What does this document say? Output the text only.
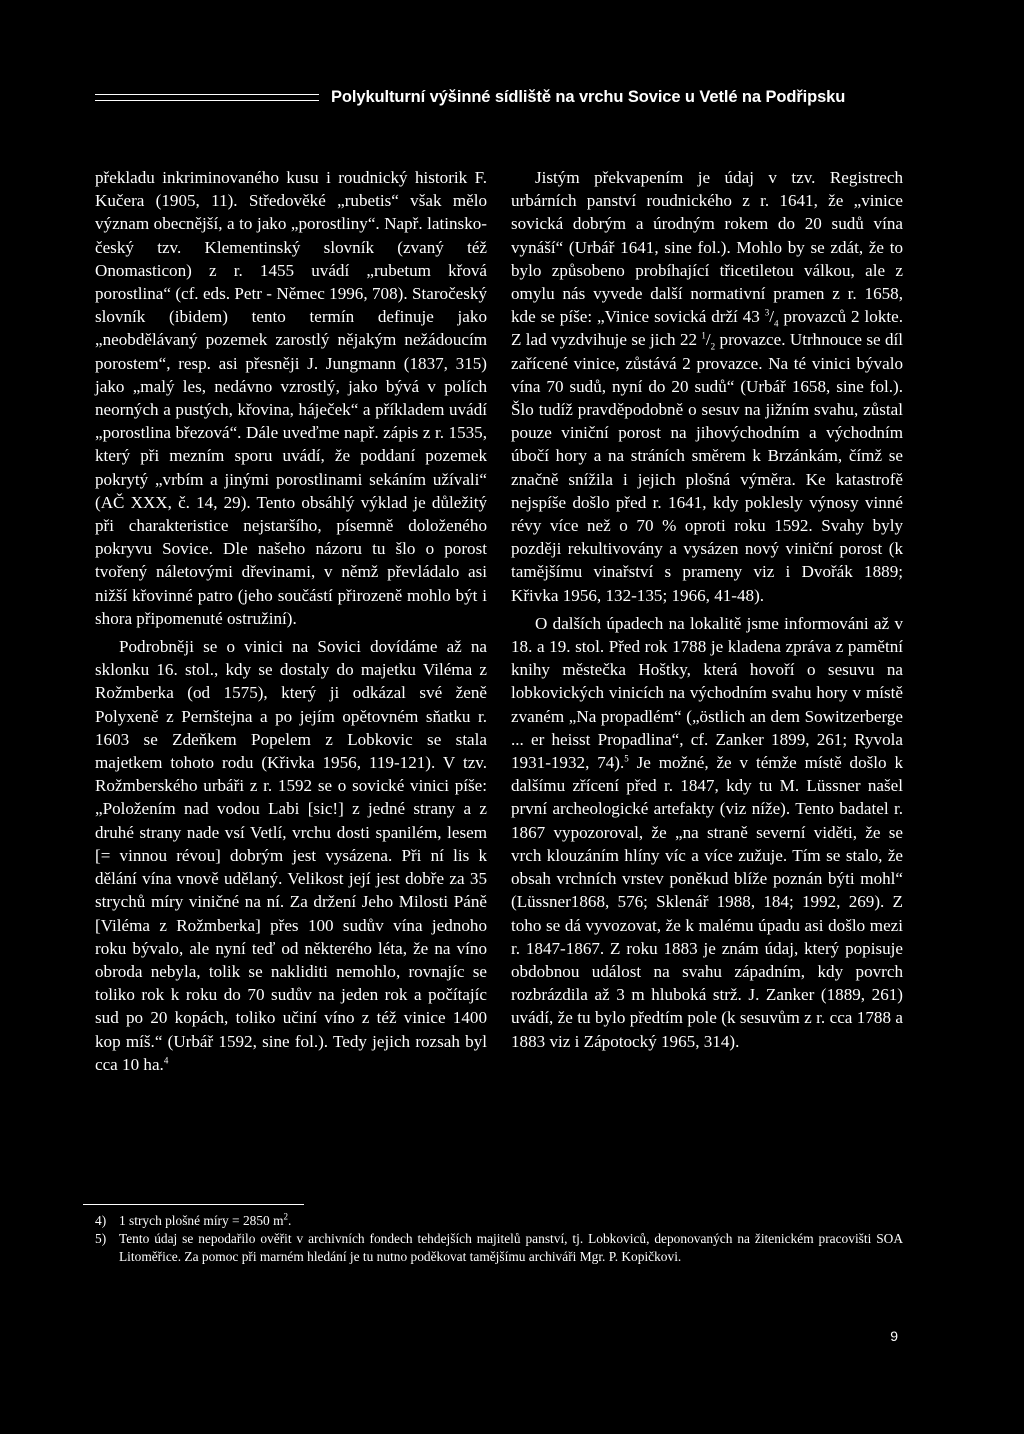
Polykulturní výšinné sídliště na vrchu Sovice u Vetlé na Podřipsku

překladu inkriminovaného kusu i roudnický historik F. Kučera (1905, 11). Středověké „rubetis“ však mělo význam obecnější, a to jako „porostliny“. Např. latinsko-český tzv. Klementinský slovník (zvaný též Onomasticon) z r. 1455 uvádí „rubetum křová porostlina“ (cf. eds. Petr - Němec 1996, 708). Staročeský slovník (ibidem) tento termín definuje jako „neobdělávaný pozemek zarostlý nějakým nežádoucím porostem“, resp. asi přesněji J. Jungmann (1837, 315) jako „malý les, nedávno vzrostlý, jako bývá v polích neorných a pustých, křovina, háječek“ a příkladem uvádí „porostlina březová“. Dále uveďme např. zápis z r. 1535, který při mezním sporu uvádí, že poddaní pozemek pokrytý „vrbím a jinými porostlinami sekáním užívali“ (AČ XXX, č. 14, 29). Tento obsáhlý výklad je důležitý při charakteristice nejstaršího, písemně doloženého pokryvu Sovice. Dle našeho názoru tu šlo o porost tvořený náletovými dřevinami, v němž převládalo asi nižší křovinné patro (jeho součástí přirozeně mohlo být i shora připomenuté ostružiní).

Podrobněji se o vinici na Sovici dovídáme až na sklonku 16. stol., kdy se dostaly do majetku Viléma z Rožmberka (od 1575), který ji odkázal své ženě Polyxeně z Pernštejna a po jejím opětovném sňatku r. 1603 se Zdeňkem Popelem z Lobkovic se stala majetkem tohoto rodu (Křivka 1956, 119-121). V tzv. Rožmberského urbáři z r. 1592 se o sovické vinici píše: „Položením nad vodou Labi [sic!] z jedné strany a z druhé strany nade vsí Vetlí, vrchu dosti spanilém, lesem [= vinnou révou] dobrým jest vysázena. Při ní lis k dělání vína vnově udělaný. Velikost její jest dobře za 35 strychů míry viničné na ní. Za držení Jeho Milosti Páně [Viléma z Rožmberka] přes 100 sudův vína jednoho roku bývalo, ale nyní teď od některého léta, že na víno obroda nebyla, tolik se nakliditi nemohlo, rovnajíc se toliko rok k roku do 70 sudův na jeden rok a počítajíc sud po 20 kopách, toliko učiní víno z též vinice 1400 kop míš.“ (Urbář 1592, sine fol.). Tedy jejich rozsah byl cca 10 ha.$^4$

Jistým překvapením je údaj v tzv. Registrech urbárních panství roudnického z r. 1641, že „vinice sovická dobrým a úrodným rokem do 20 sudů vína vynáší“ (Urbář 1641, sine fol.). Mohlo by se zdát, že to bylo způsobeno probíhající třicetiletou válkou, ale z omylu nás vyvede další normativní pramen z r. 1658, kde se píše: „Vinice sovická drží 43 $^3/_4$ provazců 2 lokte. Z lad vyzdvihuje se jich 22 $^1/_2$ provazce. Utrhnouce se díl zařícené vinice, zůstává 2 provazce. Na té vinici bývalo vína 70 sudů, nyní do 20 sudů“ (Urbář 1658, sine fol.). Šlo tudíž pravděpodobně o sesuv na jižním svahu, zůstal pouze viniční porost na jihovýchodním a východním úbočí hory a na stráních směrem k Brzánkám, čímž se značně snížila i jejich plošná výměra. Ke katastrofě nejspíše došlo před r. 1641, kdy poklesly výnosy vinné révy více než o 70 % oproti roku 1592. Svahy byly později rekultivovány a vysázen nový viniční porost (k tamějšímu vinařství s prameny viz i Dvořák 1889; Křivka 1956, 132-135; 1966, 41-48).

O dalších úpadech na lokalitě jsme informováni až v 18. a 19. stol. Před rok 1788 je kladena zpráva z pamětní knihy městečka Hoštky, která hovoří o sesuvu na lobkovických vinicích na východním svahu hory v místě zvaném „Na propadlém“ („östlich an dem Sowitzerberge ... er heisst Propadlina“, cf. Zanker 1899, 261; Ryvola 1931-1932, 74).$^5$ Je možné, že v témže místě došlo k dalšímu zřícení před r. 1847, kdy tu M. Lüssner našel první archeologické artefakty (viz níže). Tento badatel r. 1867 vypozoroval, že „na straně severní viděti, že se vrch klouzáním hlíny víc a více zužuje. Tím se stalo, že obsah vrchních vrstev poněkud blíže poznán býti mohl“ (Lüssner1868, 576; Sklenář 1988, 184; 1992, 269). Z toho se dá vyvozovat, že k malému úpadu asi došlo mezi r. 1847-1867. Z roku 1883 je znám údaj, který popisuje obdobnou událost na svahu západním, kdy povrch rozbrázdila až 3 m hluboká strž. J. Zanker (1889, 261) uvádí, že tu bylo předtím pole (k sesuvům z r. cca 1788 a 1883 viz i Zápotocký 1965, 314).

4) 1 strych plošné míry = 2850 $m^2$.
5) Tento údaj se nepodařilo ověřit v archivních fondech tehdejších majitelů panství, tj. Lobkoviců, deponovaných na žitenickém pracovišti SOA Litoměřice. Za pomoc při marném hledání je tu nutno poděkovat tamějšímu archiváři Mgr. P. Kopičkovi.
9
